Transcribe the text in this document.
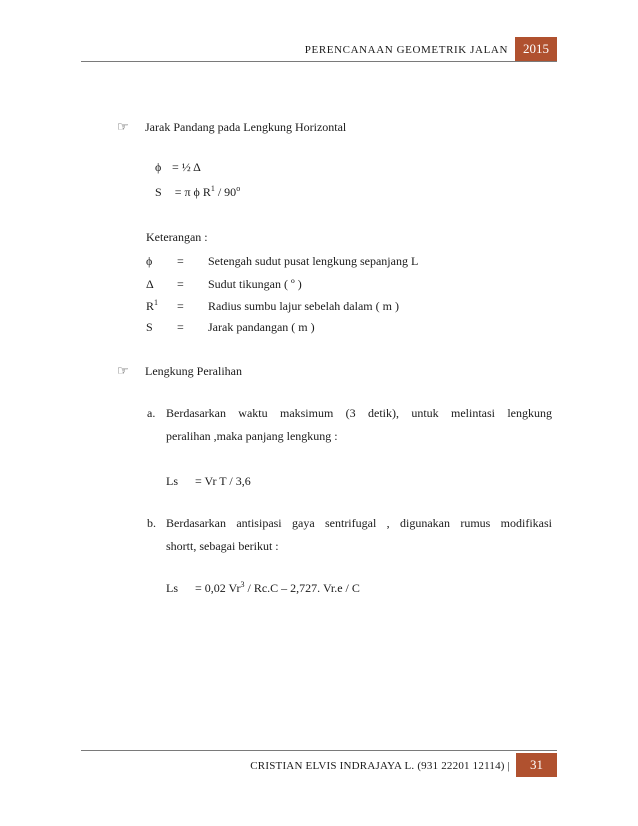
PERENCANAAN GEOMETRIK JALAN	2015
☞ Jarak Pandang pada Lengkung Horizontal
ϕ = ½ Δ
S = π ϕ $R^1 / 90^o$
Keterangan :
ϕ = Setengah sudut pusat lengkung sepanjang L
Δ = Sudut tikungan ( º )
$R^1$ = Radius sumbu lajur sebelah dalam ( m )
S = Jarak pandangan ( m )
☞ Lengkung Peralihan
a. Berdasarkan waktu maksimum (3 detik), untuk melintasi lengkung
peralihan ,maka panjang lengkung :
Ls = Vr T / 3,6
b. Berdasarkan antisipasi gaya sentrifugal , digunakan rumus modifikasi
shortt, sebagai berikut :
Ls = 0,02 Vr$^3$ / Rc.C – 2,727. Vr.e / C
CRISTIAN ELVIS INDRAJAYA L. (931 22201 12114) |	31
